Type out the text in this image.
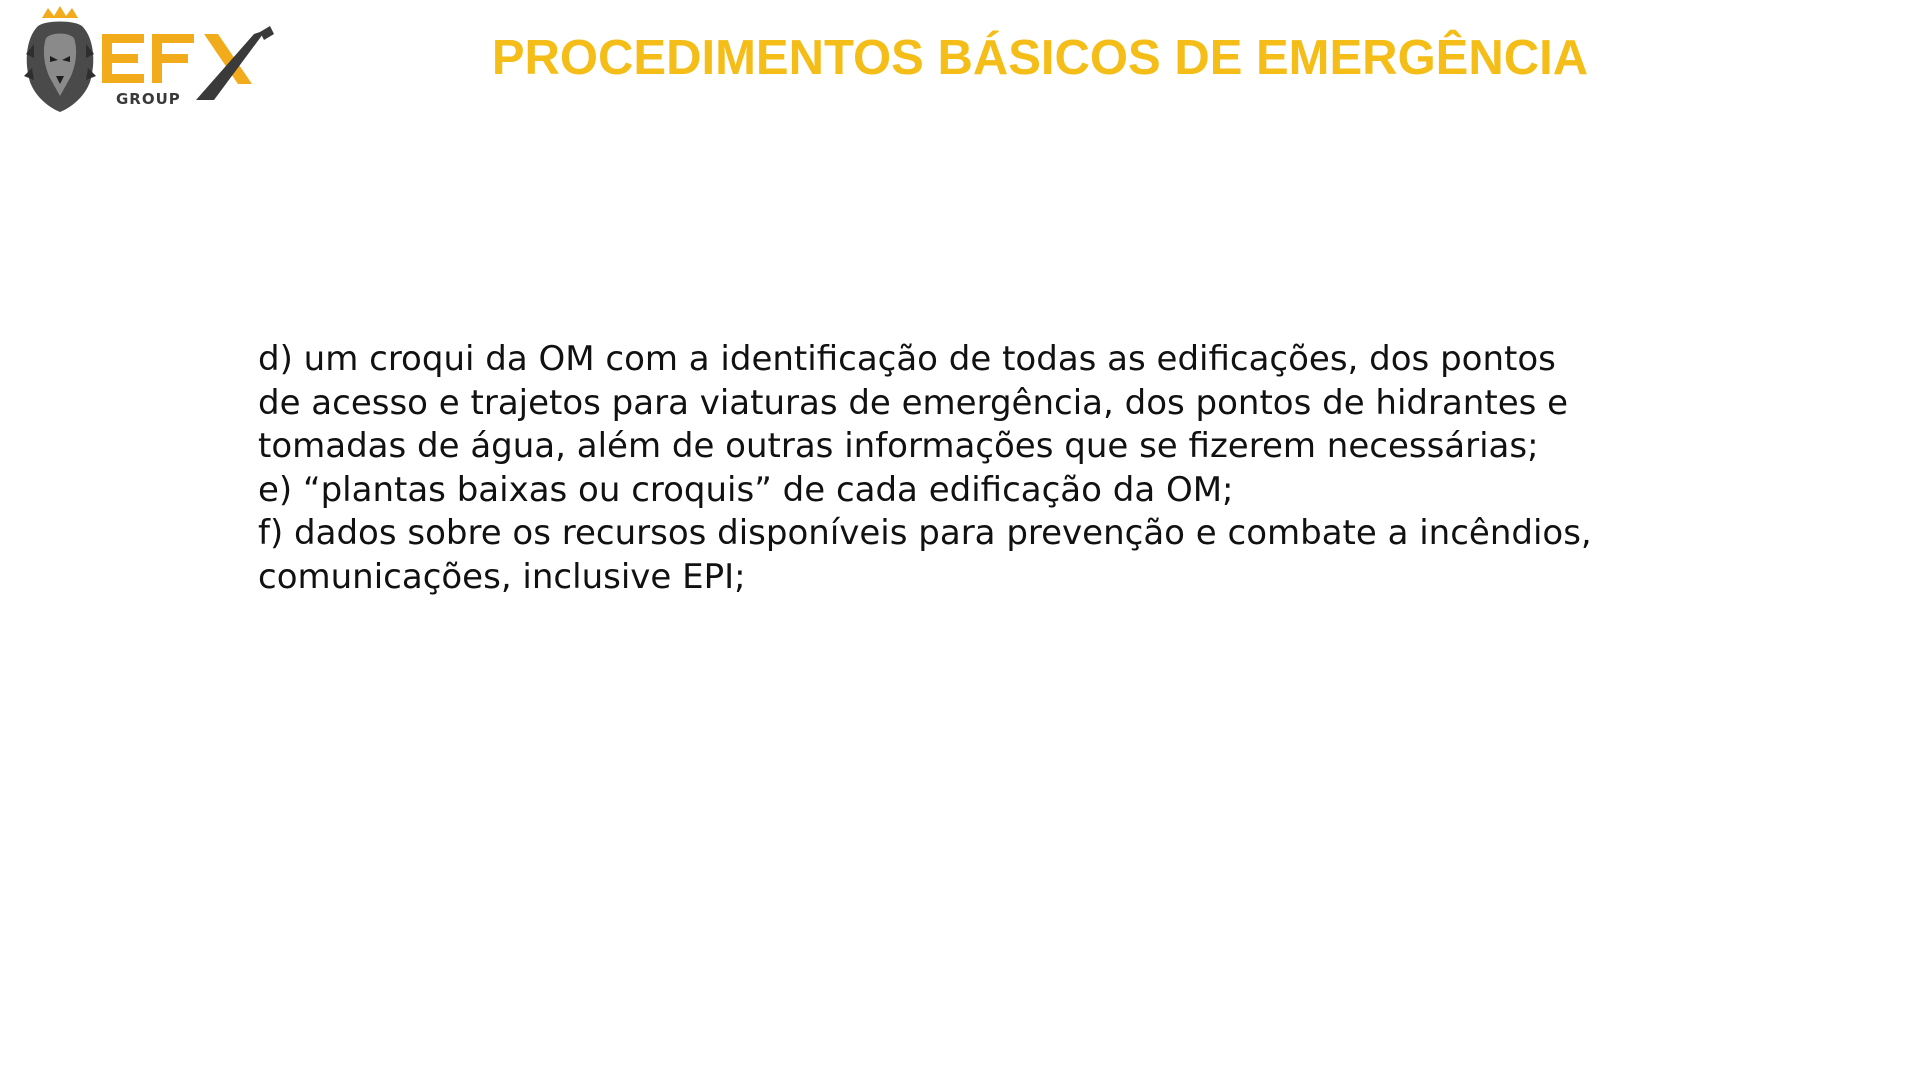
GROUP
PROCEDIMENTOS BÁSICOS DE EMERGÊNCIA
d) um croqui da OM com a identificação de todas as edificações, dos pontos
de acesso e trajetos para viaturas de emergência, dos pontos de hidrantes e
tomadas de água, além de outras informações que se fizerem necessárias;
e) “plantas baixas ou croquis” de cada edificação da OM;
f) dados sobre os recursos disponíveis para prevenção e combate a incêndios,
comunicações, inclusive EPI;
